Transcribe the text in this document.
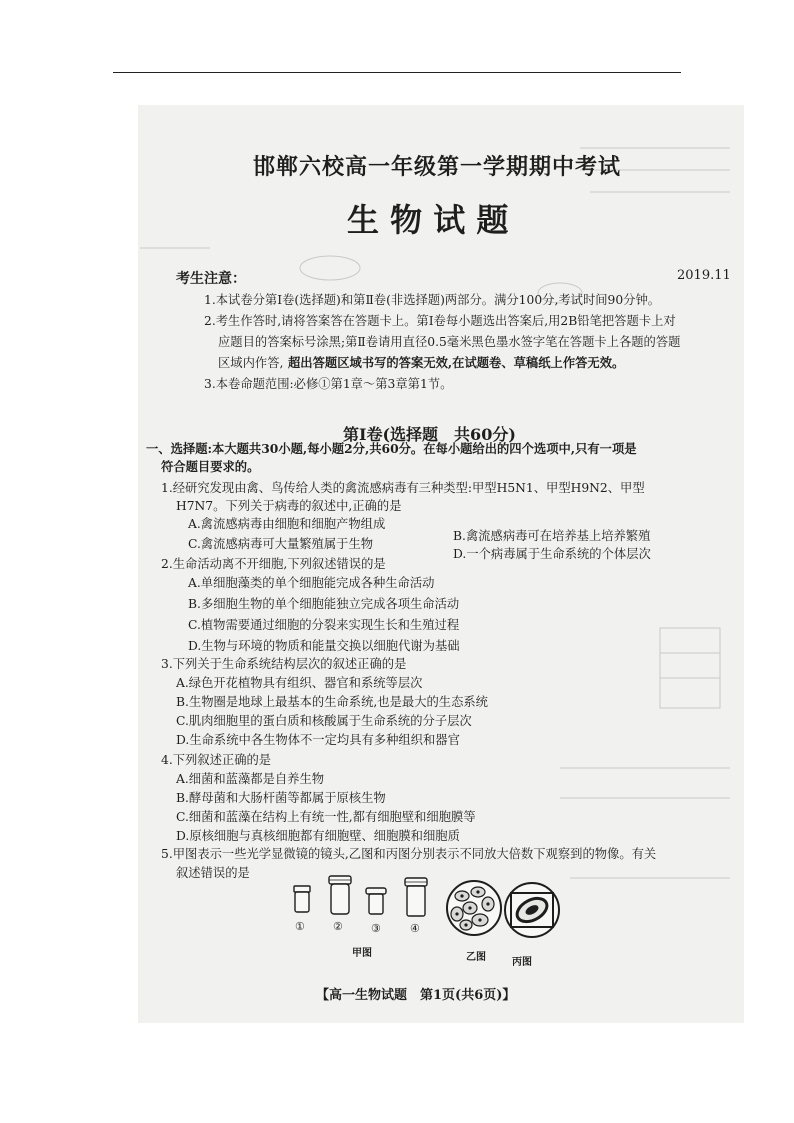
邯郸六校高一年级第一学期期中考试
生 物 试 题
考生注意：	2019.11
1.本试卷分第Ⅰ卷(选择题)和第Ⅱ卷(非选择题)两部分。满分100分,考试时间90分钟。
2.考生作答时,请将答案答在答题卡上。第Ⅰ卷每小题选出答案后,用2B铅笔把答题卡上对
应题目的答案标号涂黑;第Ⅱ卷请用直径0.5毫米黑色墨水签字笔在答题卡上各题的答题
区域内作答, 超出答题区域书写的答案无效,在试题卷、草稿纸上作答无效。
3.本卷命题范围:必修①第1章～第3章第1节。
第Ⅰ卷(选择题　共60分)
一、选择题:本大题共30小题,每小题2分,共60分。在每小题给出的四个选项中,只有一项是
符合题目要求的。
1.经研究发现由禽、鸟传给人类的禽流感病毒有三种类型:甲型H5N1、甲型H9N2、甲型
H7N7。下列关于病毒的叙述中,正确的是
A.禽流感病毒由细胞和细胞产物组成
B.禽流感病毒可在培养基上培养繁殖
C.禽流感病毒可大量繁殖属于生物
D.一个病毒属于生命系统的个体层次
2.生命活动离不开细胞,下列叙述错误的是
A.单细胞藻类的单个细胞能完成各种生命活动
B.多细胞生物的单个细胞能独立完成各项生命活动
C.植物需要通过细胞的分裂来实现生长和生殖过程
D.生物与环境的物质和能量交换以细胞代谢为基础
3.下列关于生命系统结构层次的叙述正确的是
A.绿色开花植物具有组织、器官和系统等层次
B.生物圈是地球上最基本的生命系统,也是最大的生态系统
C.肌肉细胞里的蛋白质和核酸属于生命系统的分子层次
D.生命系统中各生物体不一定均具有多种组织和器官
4.下列叙述正确的是
A.细菌和蓝藻都是自养生物
B.酵母菌和大肠杆菌等都属于原核生物
C.细菌和蓝藻在结构上有统一性,都有细胞壁和细胞膜等
D.原核细胞与真核细胞都有细胞壁、细胞膜和细胞质
5.甲图表示一些光学显微镜的镜头,乙图和丙图分别表示不同放大倍数下观察到的物像。有关
叙述错误的是
①	②	③	④
甲图	乙图	丙图
【高一生物试题　第1页(共6页)】
